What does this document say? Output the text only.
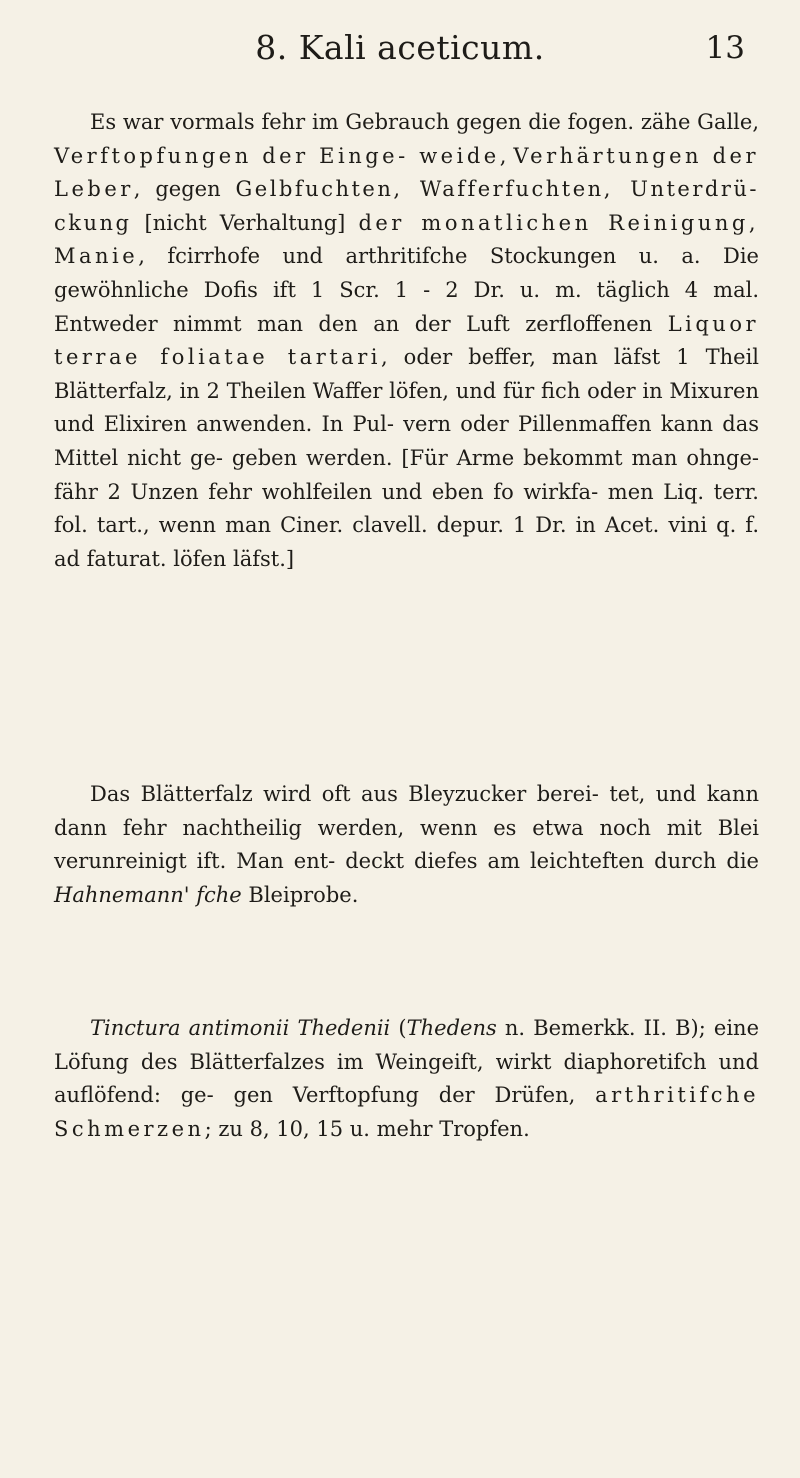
8. Kali aceticum.	13

Es war vormals fehr im Gebrauch gegen die fogen. zähe Galle, Verftopfungen der Einge- weide, Verhärtungen der Leber, gegen Gelbfuchten, Wafferfuchten, Unterdrü- ckung [nicht Verhaltung] der monatlichen Reinigung, Manie, fcirrhofe und arthritifche Stockungen u. a. Die gewöhnliche Dofis ift 1 Scr. 1 - 2 Dr. u. m. täglich 4 mal. Entweder nimmt man den an der Luft zerfloffenen Liquor terrae foliatae tartari, oder beffer, man läfst 1 Theil Blätterfalz, in 2 Theilen Waffer löfen, und für fich oder in Mixuren und Elixiren anwenden. In Pul- vern oder Pillenmaffen kann das Mittel nicht ge- geben werden. [Für Arme bekommt man ohnge- fähr 2 Unzen fehr wohlfeilen und eben fo wirkfa- men Liq. terr. fol. tart., wenn man Ciner. clavell. depur. 1 Dr. in Acet. vini q. f. ad faturat. löfen läfst.]

Das Blätterfalz wird oft aus Bleyzucker berei- tet, und kann dann fehr nachtheilig werden, wenn es etwa noch mit Blei verunreinigt ift. Man ent- deckt diefes am leichteften durch die Hahnemann' fche Bleiprobe.

Tinctura antimonii Thedenii (Thedens n. Bemerkk. II. B); eine Löfung des Blätterfalzes im Weingeift, wirkt diaphoretifch und auflöfend: ge- gen Verftopfung der Drüfen, arthritifche Schmerzen; zu 8, 10, 15 u. mehr Tropfen.
